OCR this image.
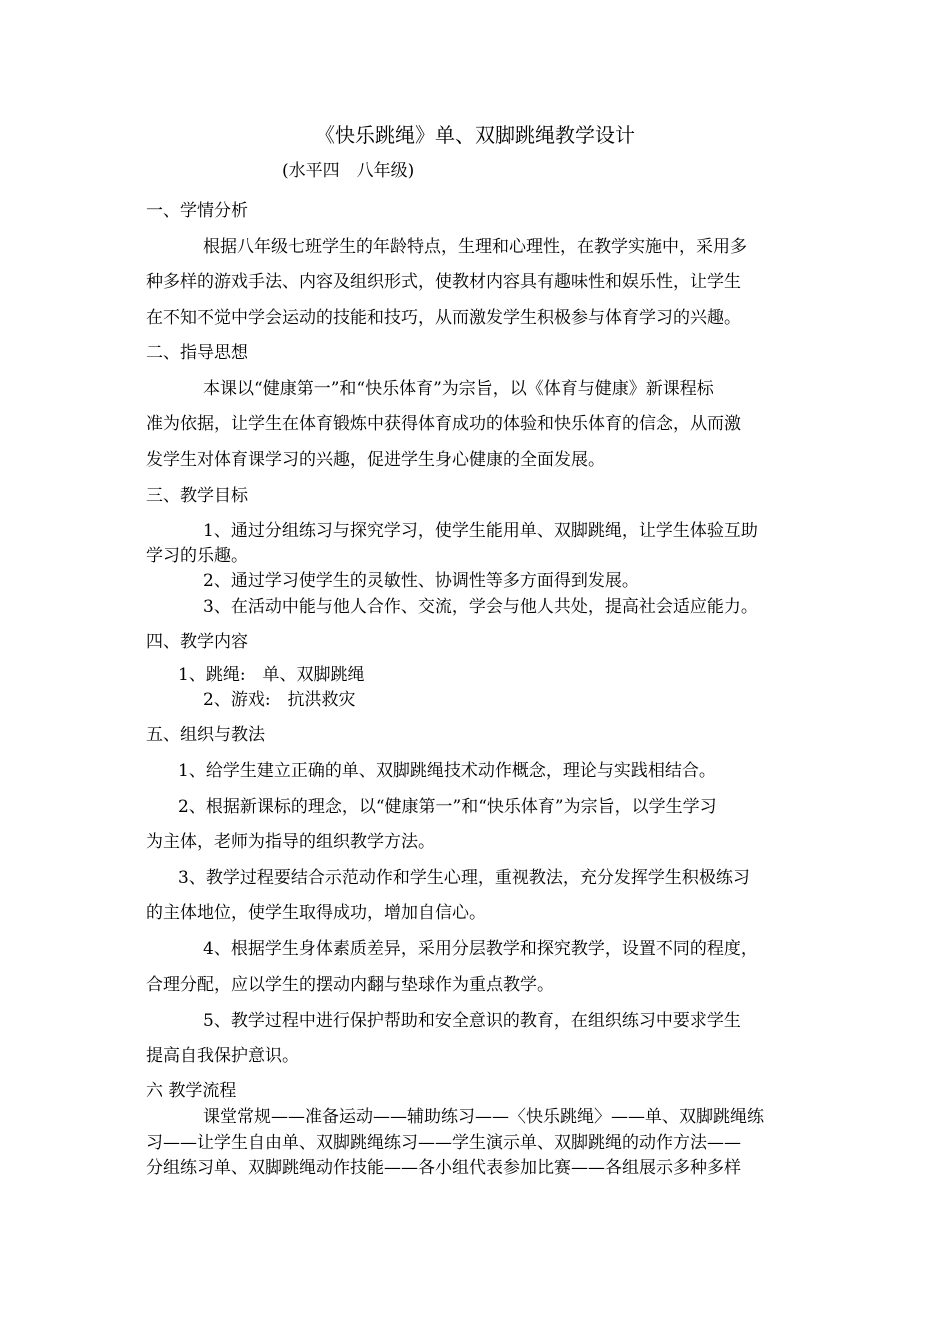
《快乐跳绳》单、双脚跳绳教学设计
(水平四　八年级)
一、学情分析
根据八年级七班学生的年龄特点，生理和心理性，在教学实施中，采用多
种多样的游戏手法、内容及组织形式，使教材内容具有趣味性和娱乐性，让学生
在不知不觉中学会运动的技能和技巧，从而激发学生积极参与体育学习的兴趣。
二、指导思想
本课以“健康第一”和“快乐体育”为宗旨，以《体育与健康》新课程标
准为依据，让学生在体育锻炼中获得体育成功的体验和快乐体育的信念，从而激
发学生对体育课学习的兴趣，促进学生身心健康的全面发展。
三、教学目标
1、通过分组练习与探究学习，使学生能用单、双脚跳绳，让学生体验互助
学习的乐趣。
2、通过学习使学生的灵敏性、协调性等多方面得到发展。
3、在活动中能与他人合作、交流，学会与他人共处，提高社会适应能力。
四、教学内容
1、跳绳:　单、双脚跳绳
2、游戏:　抗洪救灾
五、组织与教法
1、给学生建立正确的单、双脚跳绳技术动作概念，理论与实践相结合。
2、根据新课标的理念，以“健康第一”和“快乐体育”为宗旨，以学生学习
为主体，老师为指导的组织教学方法。
3、教学过程要结合示范动作和学生心理，重视教法，充分发挥学生积极练习
的主体地位，使学生取得成功，增加自信心。
4、根据学生身体素质差异，采用分层教学和探究教学，设置不同的程度，
合理分配，应以学生的摆动内翻与垫球作为重点教学。
5、教学过程中进行保护帮助和安全意识的教育，在组织练习中要求学生
提高自我保护意识。
六 教学流程
课堂常规——准备运动——辅助练习——〈快乐跳绳〉——单、双脚跳绳练
习——让学生自由单、双脚跳绳练习——学生演示单、双脚跳绳的动作方法——
分组练习单、双脚跳绳动作技能——各小组代表参加比赛——各组展示多种多样
